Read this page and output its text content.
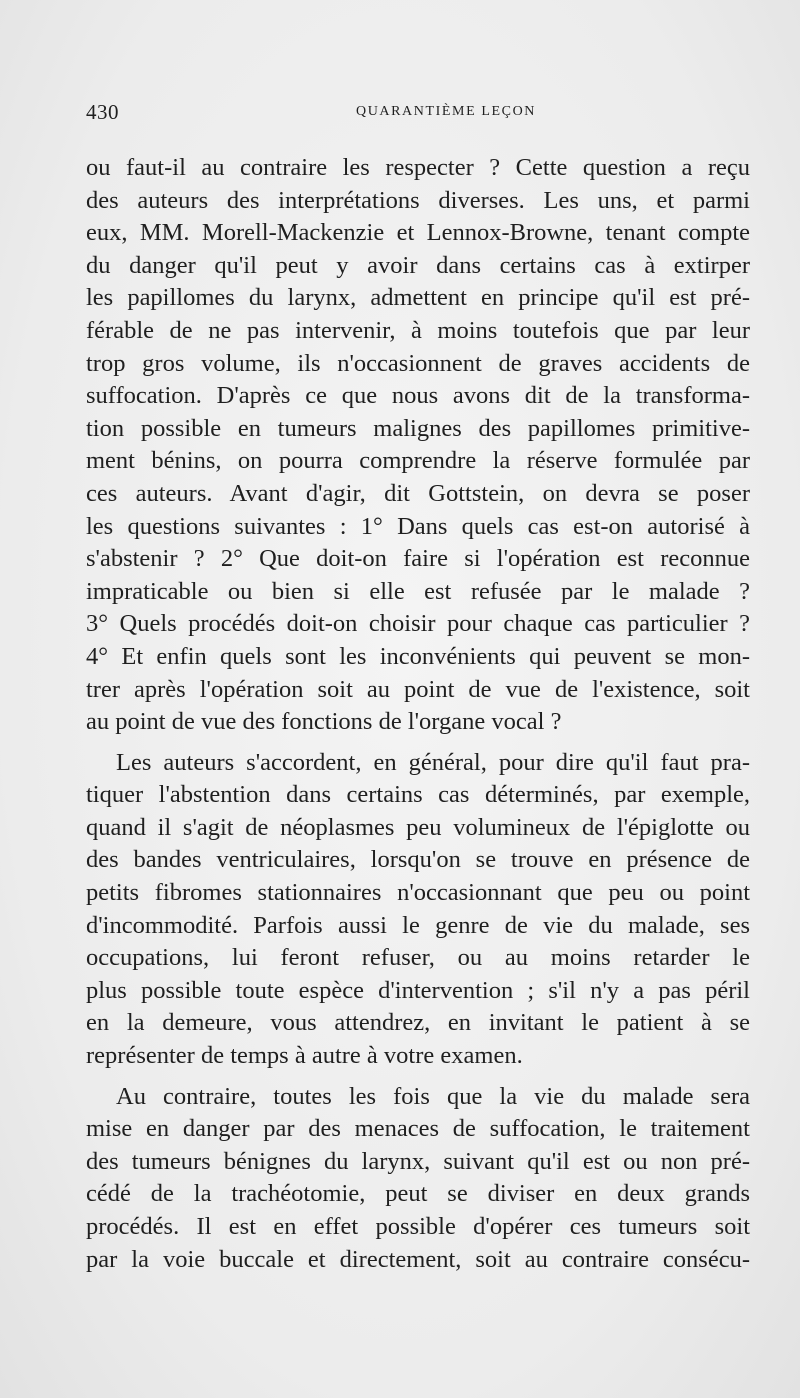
430	QUARANTIÈME LEÇON
ou faut-il au contraire les respecter ? Cette question a reçu
des auteurs des interprétations diverses. Les uns, et parmi
eux, MM. Morell-Mackenzie et Lennox-Browne, tenant compte
du danger qu'il peut y avoir dans certains cas à extirper
les papillomes du larynx, admettent en principe qu'il est pré-
férable de ne pas intervenir, à moins toutefois que par leur
trop gros volume, ils n'occasionnent de graves accidents de
suffocation. D'après ce que nous avons dit de la transforma-
tion possible en tumeurs malignes des papillomes primitive-
ment bénins, on pourra comprendre la réserve formulée par
ces auteurs. Avant d'agir, dit Gottstein, on devra se poser
les questions suivantes : 1° Dans quels cas est-on autorisé à
s'abstenir ? 2° Que doit-on faire si l'opération est reconnue
impraticable ou bien si elle est refusée par le malade ?
3° Quels procédés doit-on choisir pour chaque cas particulier ?
4° Et enfin quels sont les inconvénients qui peuvent se mon-
trer après l'opération soit au point de vue de l'existence, soit
au point de vue des fonctions de l'organe vocal ?
Les auteurs s'accordent, en général, pour dire qu'il faut pra-
tiquer l'abstention dans certains cas déterminés, par exemple,
quand il s'agit de néoplasmes peu volumineux de l'épiglotte ou
des bandes ventriculaires, lorsqu'on se trouve en présence de
petits fibromes stationnaires n'occasionnant que peu ou point
d'incommodité. Parfois aussi le genre de vie du malade, ses
occupations, lui feront refuser, ou au moins retarder le
plus possible toute espèce d'intervention ; s'il n'y a pas péril
en la demeure, vous attendrez, en invitant le patient à se
représenter de temps à autre à votre examen.
Au contraire, toutes les fois que la vie du malade sera
mise en danger par des menaces de suffocation, le traitement
des tumeurs bénignes du larynx, suivant qu'il est ou non pré-
cédé de la trachéotomie, peut se diviser en deux grands
procédés. Il est en effet possible d'opérer ces tumeurs soit
par la voie buccale et directement, soit au contraire consécu-
